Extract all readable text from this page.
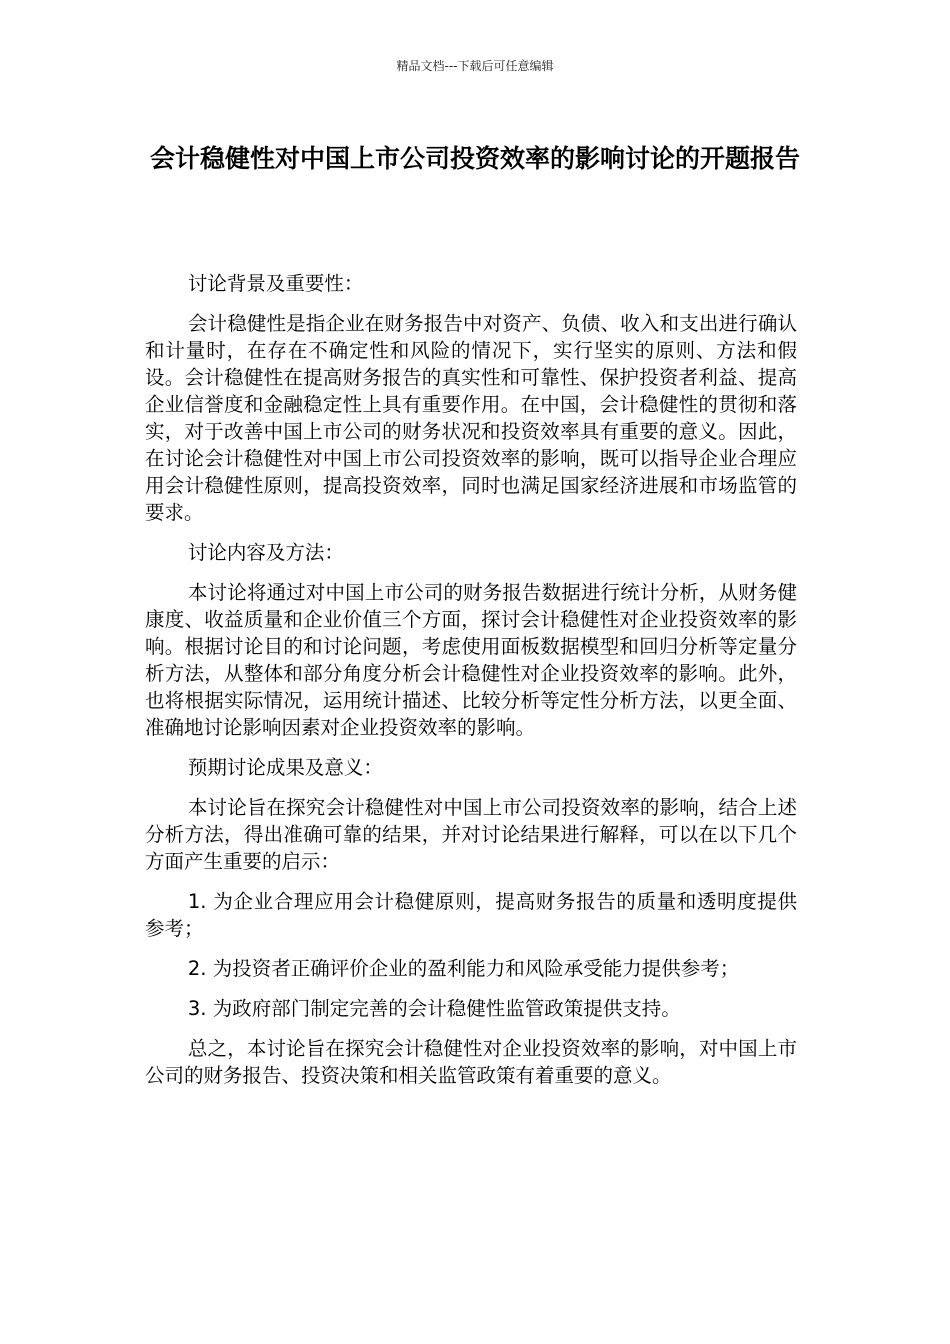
精品文档---下载后可任意编辑
会计稳健性对中国上市公司投资效率的影响讨论的开题报告

讨论背景及重要性：

会计稳健性是指企业在财务报告中对资产、负债、收入和支出进行确认和计量时，在存在不确定性和风险的情况下，实行坚实的原则、方法和假设。会计稳健性在提高财务报告的真实性和可靠性、保护投资者利益、提高企业信誉度和金融稳定性上具有重要作用。在中国，会计稳健性的贯彻和落实，对于改善中国上市公司的财务状况和投资效率具有重要的意义。因此，在讨论会计稳健性对中国上市公司投资效率的影响，既可以指导企业合理应用会计稳健性原则，提高投资效率，同时也满足国家经济进展和市场监管的要求。

讨论内容及方法：

本讨论将通过对中国上市公司的财务报告数据进行统计分析，从财务健康度、收益质量和企业价值三个方面，探讨会计稳健性对企业投资效率的影响。根据讨论目的和讨论问题，考虑使用面板数据模型和回归分析等定量分析方法，从整体和部分角度分析会计稳健性对企业投资效率的影响。此外，也将根据实际情况，运用统计描述、比较分析等定性分析方法，以更全面、准确地讨论影响因素对企业投资效率的影响。

预期讨论成果及意义：

本讨论旨在探究会计稳健性对中国上市公司投资效率的影响，结合上述分析方法，得出准确可靠的结果，并对讨论结果进行解释，可以在以下几个方面产生重要的启示：

1. 为企业合理应用会计稳健原则，提高财务报告的质量和透明度提供参考；

2. 为投资者正确评价企业的盈利能力和风险承受能力提供参考；

3. 为政府部门制定完善的会计稳健性监管政策提供支持。

总之，本讨论旨在探究会计稳健性对企业投资效率的影响，对中国上市公司的财务报告、投资决策和相关监管政策有着重要的意义。
